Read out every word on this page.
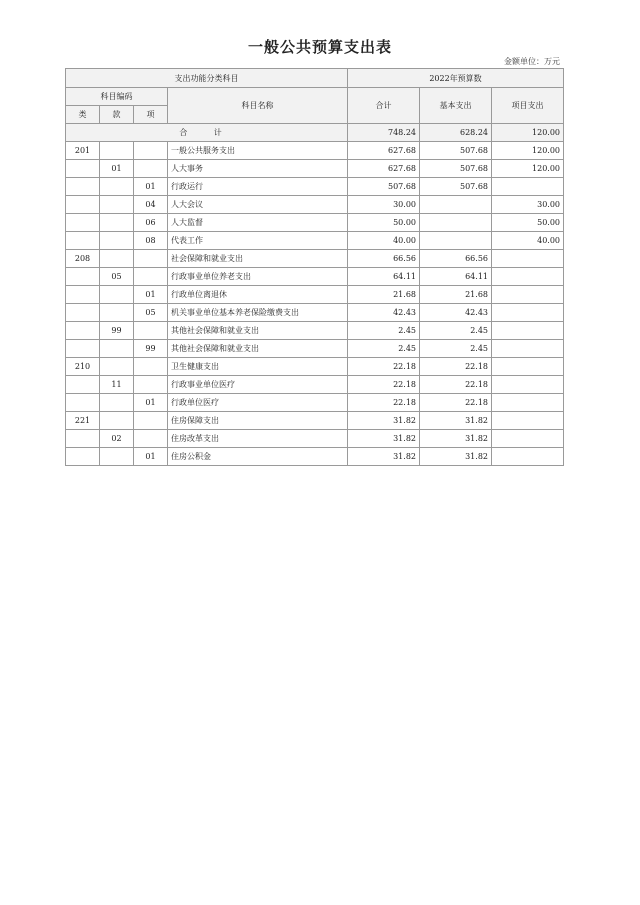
一般公共预算支出表
金额单位：万元
支出功能分类科目				2022年预算数		
科目编码			科目名称	合计	基本支出	项目支出
类	款	项				
合 计				748.24	628.24	120.00
201			一般公共服务支出	627.68	507.68	120.00
	01		人大事务	627.68	507.68	120.00
		01	行政运行	507.68	507.68	
		04	人大会议	30.00		30.00
		06	人大监督	50.00		50.00
		08	代表工作	40.00		40.00
208			社会保障和就业支出	66.56	66.56	
	05		行政事业单位养老支出	64.11	64.11	
		01	行政单位离退休	21.68	21.68	
		05	机关事业单位基本养老保险缴费支出	42.43	42.43	
	99		其他社会保障和就业支出	2.45	2.45	
		99	其他社会保障和就业支出	2.45	2.45	
210			卫生健康支出	22.18	22.18	
	11		行政事业单位医疗	22.18	22.18	
		01	行政单位医疗	22.18	22.18	
221			住房保障支出	31.82	31.82	
	02		住房改革支出	31.82	31.82	
		01	住房公积金	31.82	31.82	
